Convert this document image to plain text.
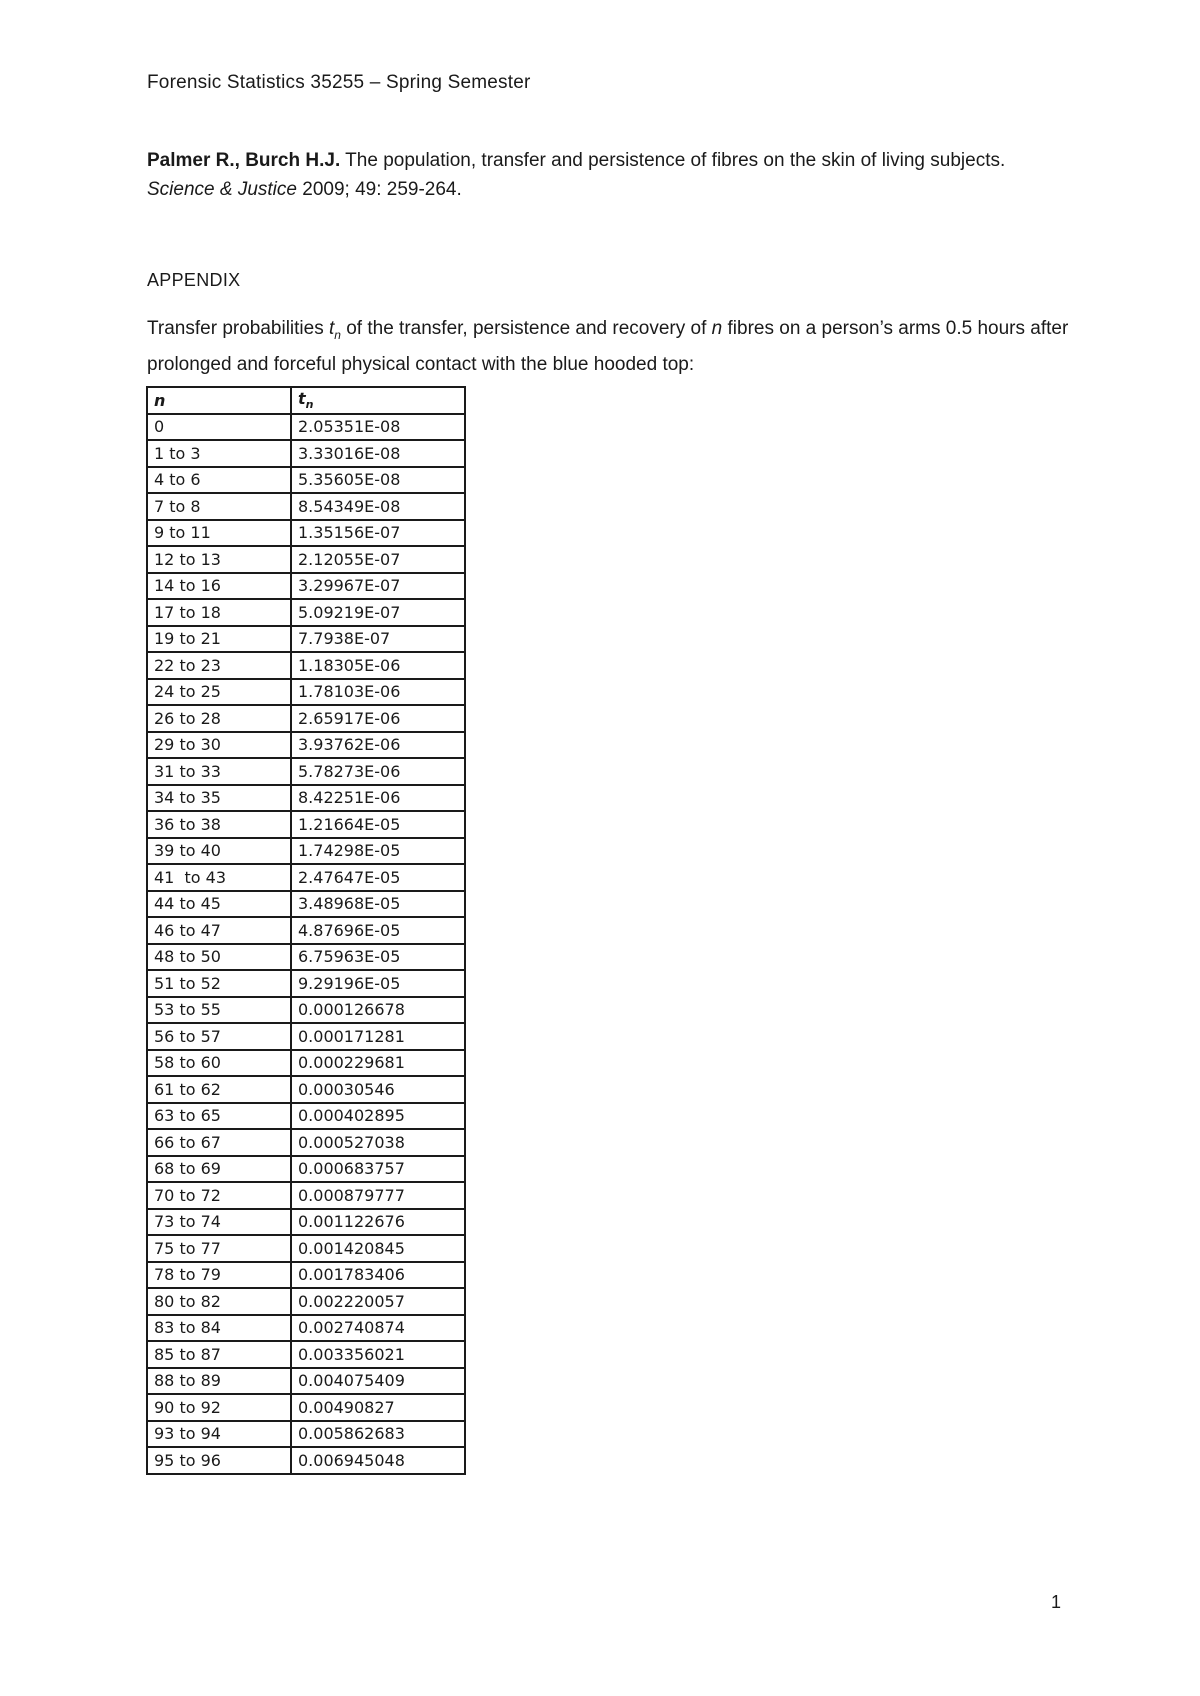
Forensic Statistics 35255 – Spring Semester
Palmer R., Burch H.J. The population, transfer and persistence of fibres on the skin of living subjects.
Science & Justice 2009; 49: 259-264.
APPENDIX
Transfer probabilities $t_n$ of the transfer, persistence and recovery of n fibres on a person’s arms 0.5 hours after prolonged and forceful physical contact with the blue hooded top:
n	$t_n$
0	2.05351E-08
1 to 3	3.33016E-08
4 to 6	5.35605E-08
7 to 8	8.54349E-08
9 to 11	1.35156E-07
12 to 13	2.12055E-07
14 to 16	3.29967E-07
17 to 18	5.09219E-07
19 to 21	7.7938E-07
22 to 23	1.18305E-06
24 to 25	1.78103E-06
26 to 28	2.65917E-06
29 to 30	3.93762E-06
31 to 33	5.78273E-06
34 to 35	8.42251E-06
36 to 38	1.21664E-05
39 to 40	1.74298E-05
41  to 43	2.47647E-05
44 to 45	3.48968E-05
46 to 47	4.87696E-05
48 to 50	6.75963E-05
51 to 52	9.29196E-05
53 to 55	0.000126678
56 to 57	0.000171281
58 to 60	0.000229681
61 to 62	0.00030546
63 to 65	0.000402895
66 to 67	0.000527038
68 to 69	0.000683757
70 to 72	0.000879777
73 to 74	0.001122676
75 to 77	0.001420845
78 to 79	0.001783406
80 to 82	0.002220057
83 to 84	0.002740874
85 to 87	0.003356021
88 to 89	0.004075409
90 to 92	0.00490827
93 to 94	0.005862683
95 to 96	0.006945048
1
